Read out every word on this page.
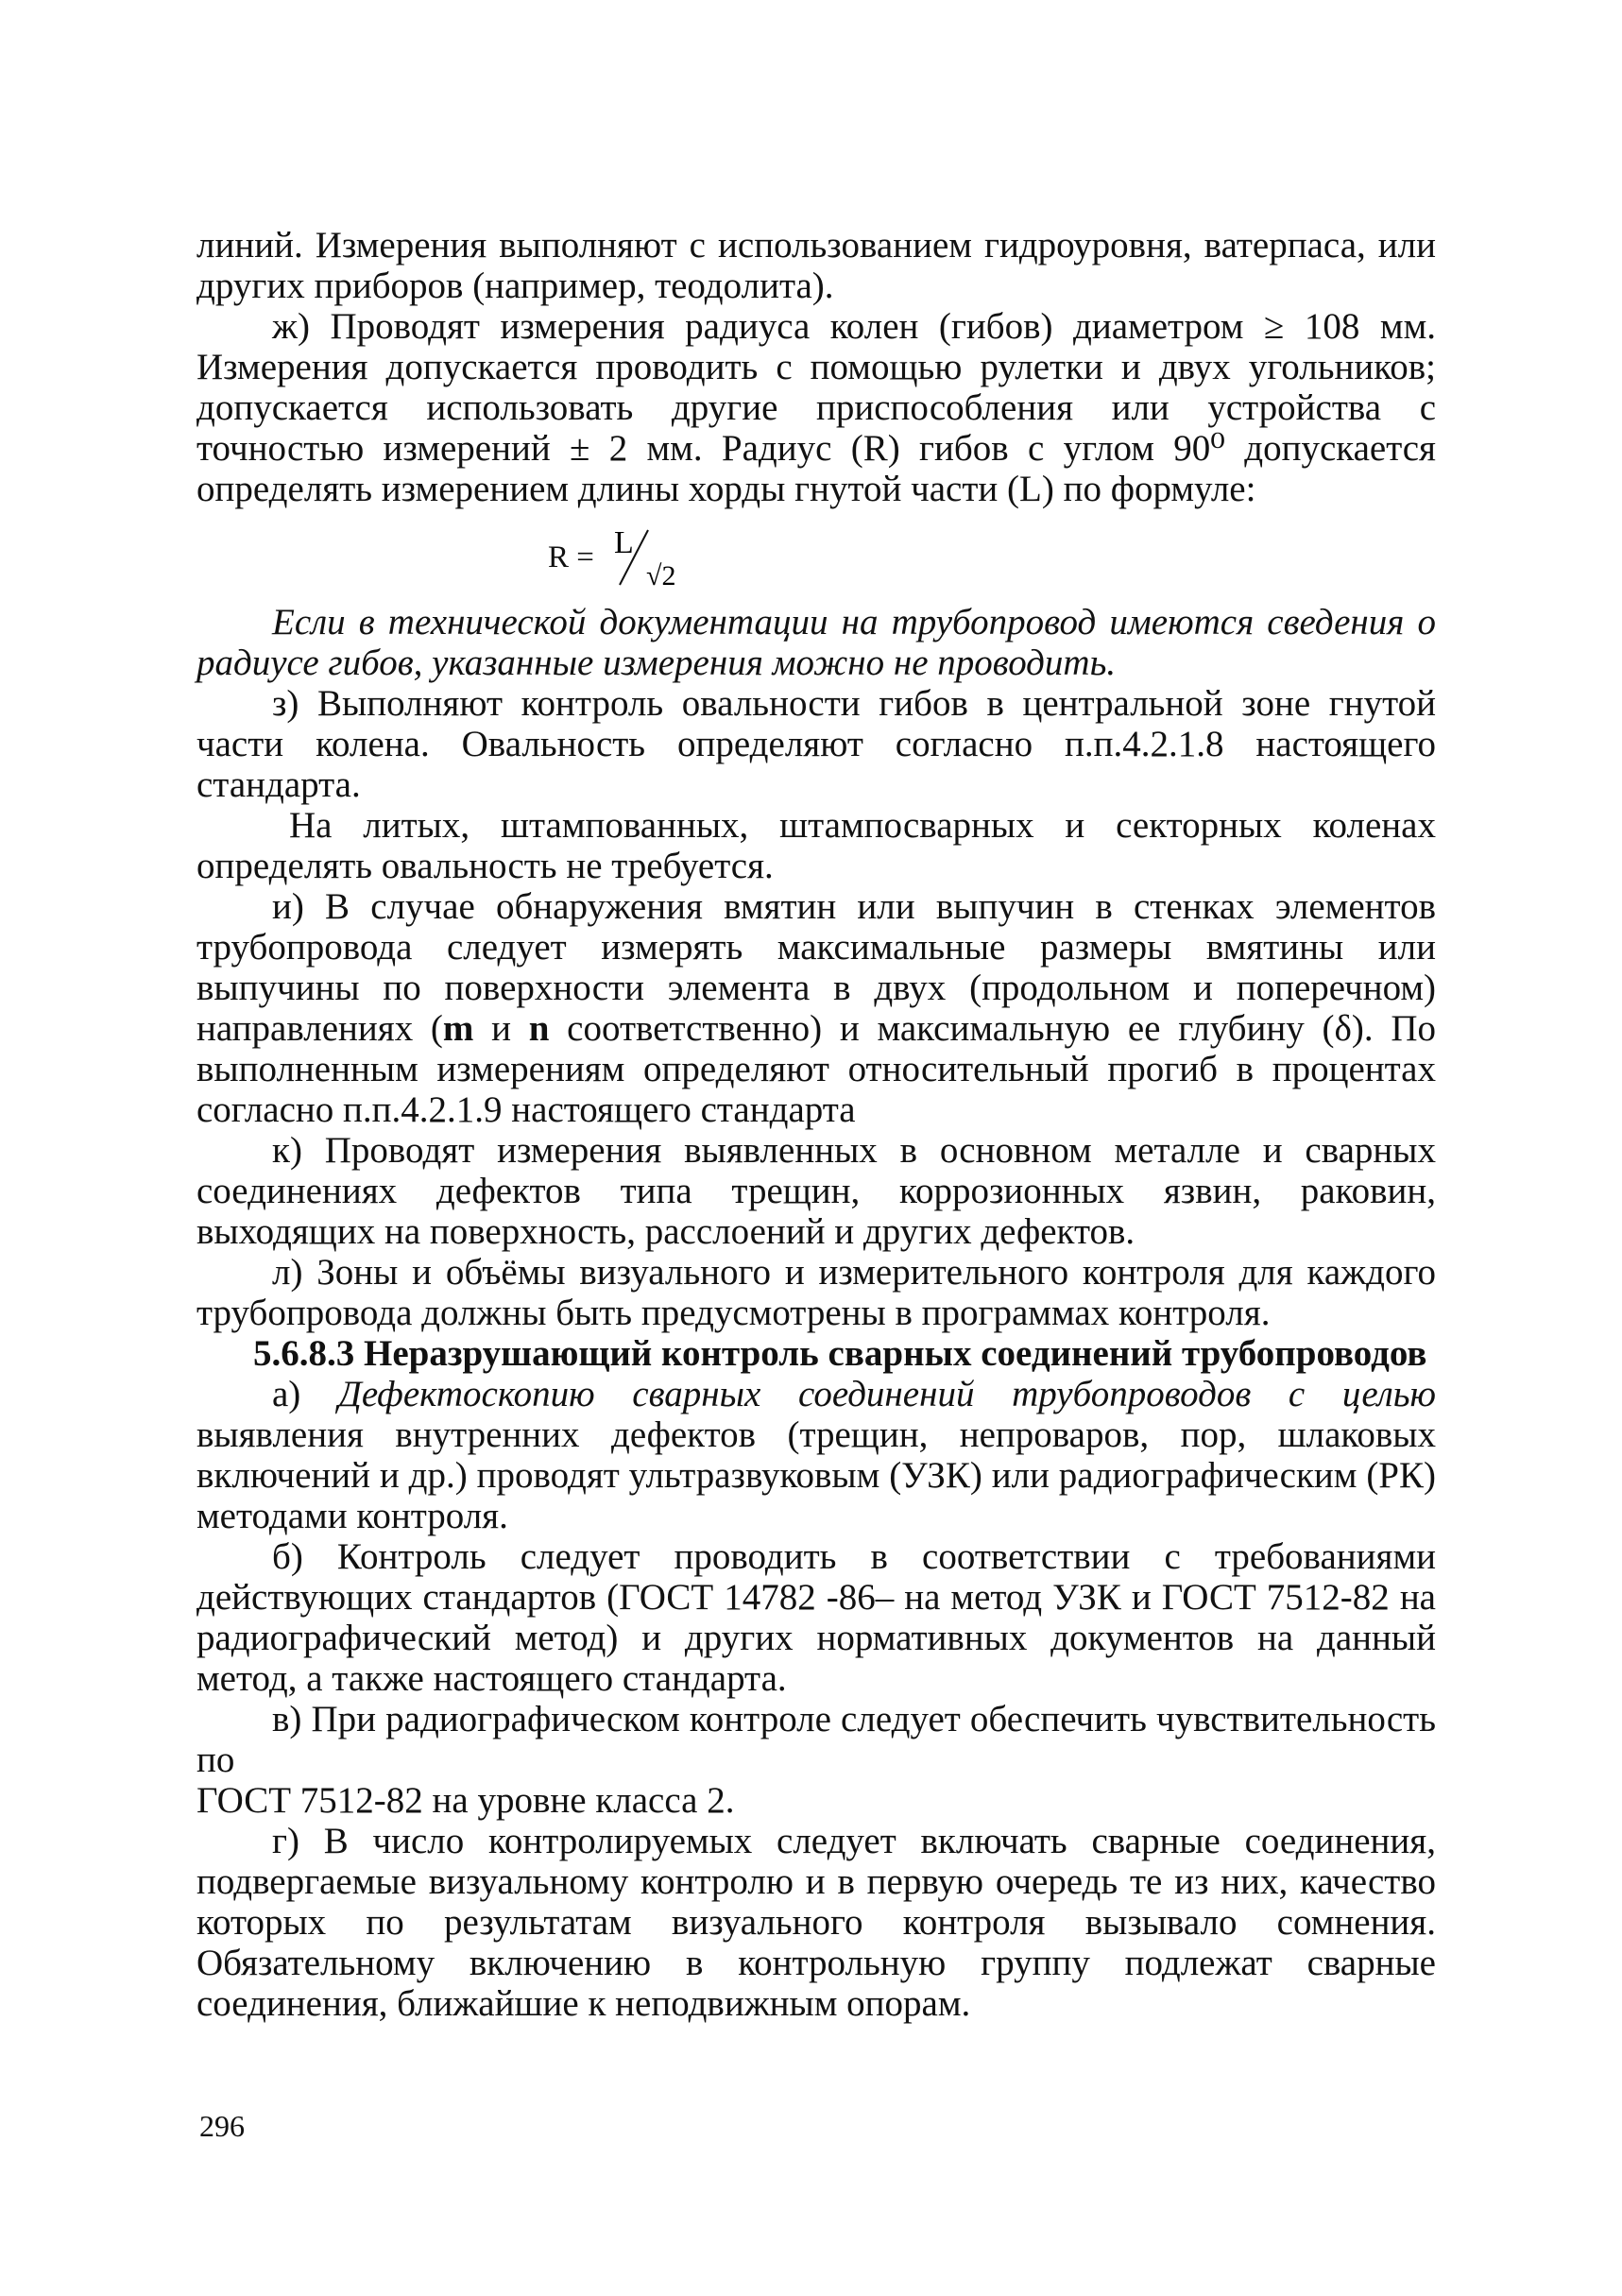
линий. Измерения выполняют с использованием гидроуровня, ватерпаса, или других приборов (например, теодолита).

ж) Проводят измерения радиуса колен (гибов) диаметром ≥ 108 мм. Измерения допускается проводить с помощью рулетки и двух угольников; допускается использовать другие приспособления или устройства с точностью измерений ± 2 мм. Радиус (R) гибов с углом 90⁰ допускается определять измерением длины хорды гнутой части (L) по формуле:

R = L
√2

Если в технической документации на трубопровод имеются сведения о радиусе гибов, указанные измерения можно не проводить.

з) Выполняют контроль овальности гибов в центральной зоне гнутой части колена. Овальность определяют согласно п.п.4.2.1.8 настоящего стандарта.

На литых, штампованных, штампосварных и секторных коленах определять овальность не требуется.

и) В случае обнаружения вмятин или выпучин в стенках элементов трубопровода следует измерять максимальные размеры вмятины или выпучины по поверхности элемента в двух (продольном и поперечном) направлениях (m и n соответственно) и максимальную ее глубину (δ). По выполненным измерениям определяют относительный прогиб в процентах согласно п.п.4.2.1.9 настоящего стандарта

к) Проводят измерения выявленных в основном металле и сварных соединениях дефектов типа трещин, коррозионных язвин, раковин, выходящих на поверхность, расслоений и других дефектов.

л) Зоны и объёмы визуального и измерительного контроля для каждого трубопровода должны быть предусмотрены в программах контроля.

5.6.8.3 Неразрушающий контроль сварных соединений трубопроводов

а) Дефектоскопию сварных соединений трубопроводов с целью выявления внутренних дефектов (трещин, непроваров, пор, шлаковых включений и др.) проводят ультразвуковым (УЗК) или радиографическим (РК) методами контроля.

б) Контроль следует проводить в соответствии с требованиями действующих стандартов (ГОСТ 14782 -86– на метод УЗК и ГОСТ 7512-82 на радиографический метод) и других нормативных документов на данный метод, а также настоящего стандарта.

в) При радиографическом контроле следует обеспечить чувствительность по

ГОСТ 7512-82 на уровне класса 2.

г) В число контролируемых следует включать сварные соединения, подвергаемые визуальному контролю и в первую очередь те из них, качество которых по результатам визуального контроля вызывало сомнения. Обязательному включению в контрольную группу подлежат сварные соединения, ближайшие к неподвижным опорам.

296
